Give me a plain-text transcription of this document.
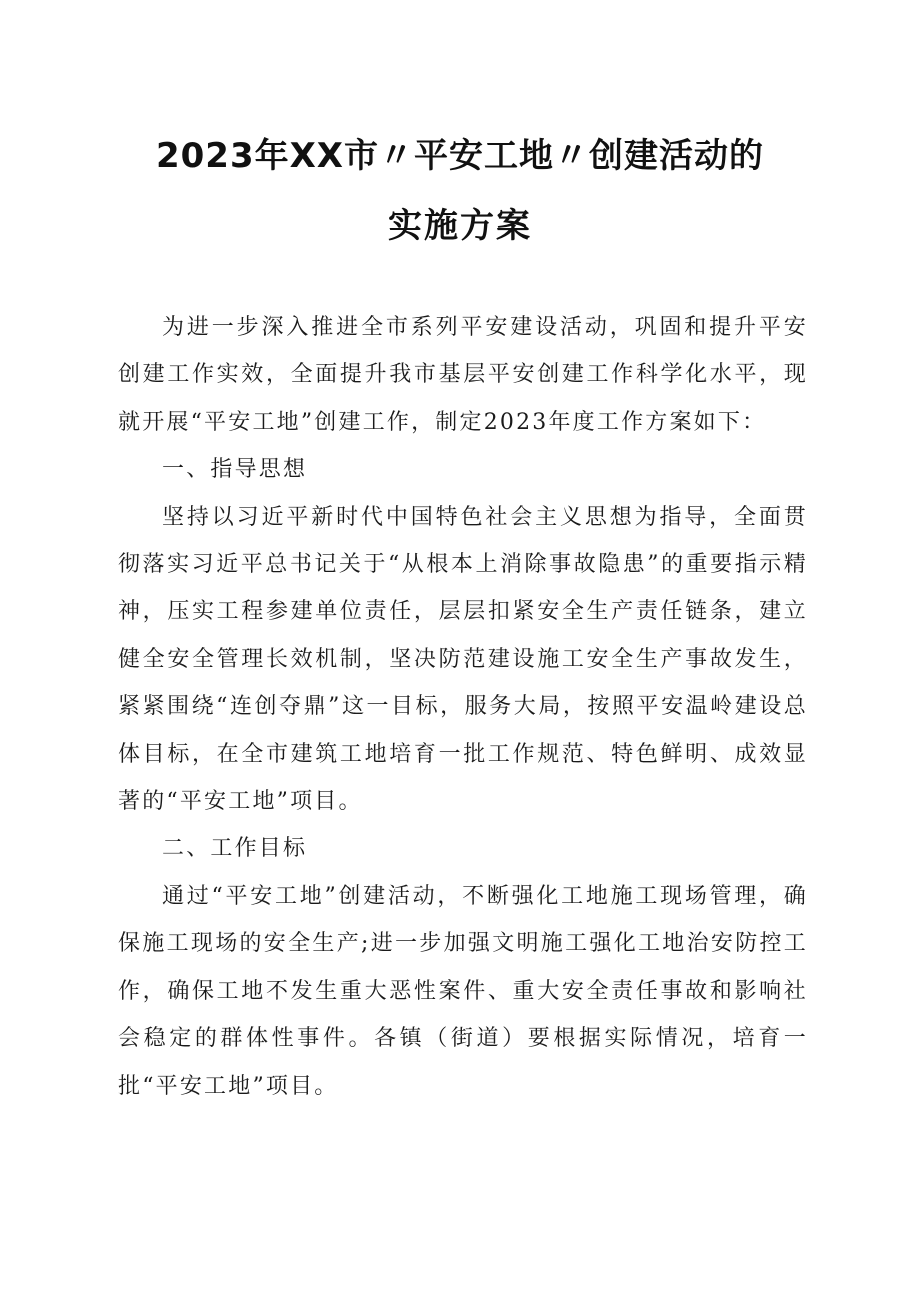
2023年XX市〃平安工地〃创建活动的
实施方案

为进一步深入推进全市系列平安建设活动，巩固和提升平安创建工作实效，全面提升我市基层平安创建工作科学化水平，现就开展“平安工地”创建工作，制定2023年度工作方案如下：

一、指导思想

坚持以习近平新时代中国特色社会主义思想为指导，全面贯彻落实习近平总书记关于“从根本上消除事故隐患”的重要指示精神，压实工程参建单位责任，层层扣紧安全生产责任链条，建立健全安全管理长效机制，坚决防范建设施工安全生产事故发生，紧紧围绕“连创夺鼎”这一目标，服务大局，按照平安温岭建设总体目标，在全市建筑工地培育一批工作规范、特色鲜明、成效显著的“平安工地”项目。

二、工作目标

通过“平安工地”创建活动，不断强化工地施工现场管理，确保施工现场的安全生产;进一步加强文明施工强化工地治安防控工作，确保工地不发生重大恶性案件、重大安全责任事故和影响社会稳定的群体性事件。各镇（街道）要根据实际情况，培育一批“平安工地”项目。
